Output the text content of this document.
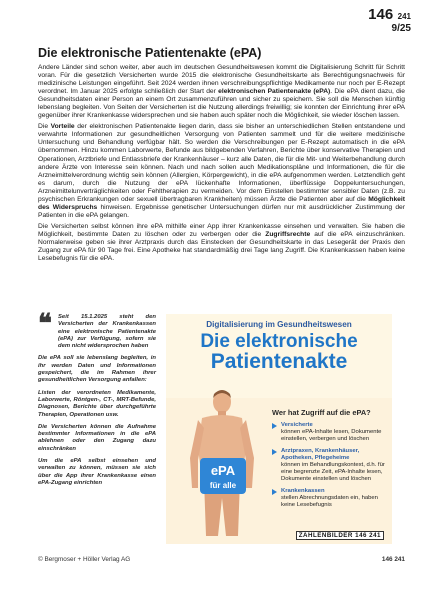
146 241
9/25
Die elektronische Patientenakte (ePA)

Andere Länder sind schon weiter, aber auch im deutschen Gesundheitswesen kommt die Digitalisierung Schritt für Schritt voran. Für die gesetzlich Versicherten wurde 2015 die elektronische Gesundheitskarte als Berechtigungsnachweis für medizinische Leistungen eingeführt. Seit 2024 werden ihnen verschreibungspflichtige Medikamente nur noch per E-Rezept verordnet. Im Januar 2025 erfolgte schließlich der Start der elektronischen Patientenakte (ePA). Die ePA dient dazu, die Gesundheitsdaten einer Person an einem Ort zusammenzuführen und sicher zu speichern. Sie soll die Menschen künftig lebenslang begleiten. Von Seiten der Versicherten ist die Nutzung allerdings freiwillig; sie konnten der Einrichtung ihrer ePA gegenüber ihrer Krankenkasse widersprechen und sie haben auch später noch die Möglichkeit, sie wieder löschen lassen.

Die Vorteile der elektronischen Patientenakte liegen darin, dass sie bisher an unterschiedlichen Stellen entstandene und verwahrte Informationen zur gesundheitlichen Versorgung von Patienten sammelt und für die weitere medizinische Untersuchung und Behandlung verfügbar hält. So werden die Verschreibungen per E-Rezept automatisch in die ePA übernommen. Hinzu kommen Laborwerte, Befunde aus bildgebenden Verfahren, Berichte über konservative Therapien und Operationen, Arztbriefe und Entlassbriefe der Krankenhäuser – kurz alle Daten, die für die Mit- und Weiterbehandlung durch andere Ärzte von Interesse sein können. Nach und nach sollen auch Medikationspläne und Informationen, die für die Arzneimittelverordnung wichtig sein können (Allergien, Körpergewicht), in die ePA aufgenommen werden. Letztendlich geht es darum, durch die Nutzung der ePA lückenhafte Informationen, überflüssige Doppeluntersuchungen, Arzneimittelunverträglichkeiten oder Fehltherapien zu vermeiden. Vor dem Einstellen bestimmter sensibler Daten (z.B. zu psychischen Erkrankungen oder sexuell übertragbaren Krankheiten) müssen Ärzte die Patienten aber auf die Möglichkeit des Widerspruchs hinweisen. Ergebnisse genetischer Untersuchungen dürfen nur mit ausdrücklicher Zustimmung der Patienten in die ePA gelangen.

Die Versicherten selbst können ihre ePA mithilfe einer App ihrer Krankenkasse einsehen und verwalten. Sie haben die Möglichkeit, bestimmte Daten zu löschen oder zu verbergen oder die Zugriffsrechte auf die ePA einzuschränken. Normalerweise geben sie ihrer Arztpraxis durch das Einstecken der Gesundheitskarte in das Lesegerät der Praxis den Zugang zur ePA für 90 Tage frei. Eine Apotheke hat standardmäßig drei Tage lang Zugriff. Die Krankenkassen haben keine Lesebefugnis für die ePA.

❝	Seit 15.1.2025 steht den Versicherten der Krankenkassen eine elektronische Patientenakte (ePA) zur Verfügung, sofern sie dem nicht widersprochen haben

Die ePA soll sie lebenslang begleiten, in ihr werden Daten und Informationen gespeichert, die im Rahmen ihrer gesundheitlichen Versorgung anfallen:

Listen der verordneten Medikamente, Laborwerte, Röntgen-, CT-, MRT-Befunde, Diagnosen, Berichte über durchgeführte Therapien, Operationen usw.

Die Versicherten können die Aufnahme bestimmter Informationen in die ePA ablehnen oder den Zugang dazu einschränken

Um die ePA selbst einsehen und verwalten zu können, müssen sie sich über die App ihrer Krankenkasse einen ePA-Zugang einrichten

Digitalisierung im Gesundheitswesen
Die elektronische
Patientenakte
ePA
für alle
Wer hat Zugriff auf die ePA?
Versicherte
können ePA-Inhalte lesen, Dokumente einstellen, verbergen und löschen
Arztpraxen, Krankenhäuser, Apotheken, Pflegeheime
können im Behandlungskontext, d.h. für eine begrenzte Zeit, ePA-Inhalte lesen, Dokumente einstellen und löschen
Krankenkassen
stellen Abrechnungsdaten ein, haben keine Lesebefugnis
ZAHLENBILDER 146 241
© Bergmoser + Höller Verlag AG	146 241
